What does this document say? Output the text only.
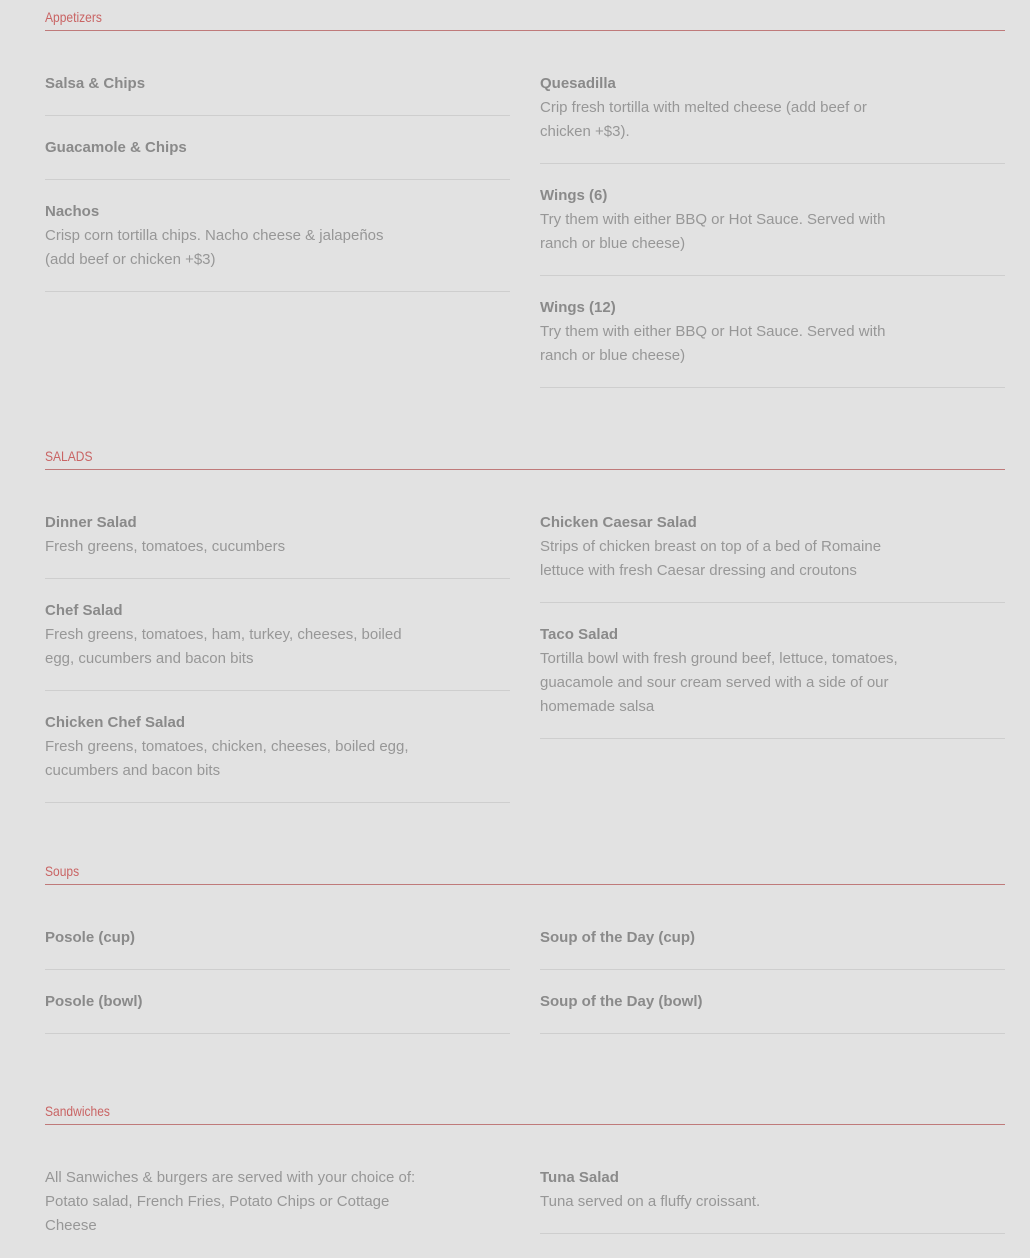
Appetizers
Salsa & Chips
Guacamole & Chips
Nachos
Crisp corn tortilla chips. Nacho cheese & jalapeños (add beef or chicken +$3)
Quesadilla
Crip fresh tortilla with melted cheese (add beef or chicken +$3).
Wings (6)
Try them with either BBQ or Hot Sauce. Served with ranch or blue cheese)
Wings (12)
Try them with either BBQ or Hot Sauce. Served with ranch or blue cheese)
SALADS
Dinner Salad
Fresh greens, tomatoes, cucumbers
Chef Salad
Fresh greens, tomatoes, ham, turkey, cheeses, boiled egg, cucumbers and bacon bits
Chicken Chef Salad
Fresh greens, tomatoes, chicken, cheeses, boiled egg, cucumbers and bacon bits
Chicken Caesar Salad
Strips of chicken breast on top of a bed of Romaine lettuce with fresh Caesar dressing and croutons
Taco Salad
Tortilla bowl with fresh ground beef, lettuce, tomatoes, guacamole and sour cream served with a side of our homemade salsa
Soups
Posole (cup)
Posole (bowl)
Soup of the Day (cup)
Soup of the Day (bowl)
Sandwiches
All Sanwiches & burgers are served with your choice of:
Potato salad, French Fries, Potato Chips or Cottage Cheese
Tuna Salad
Tuna served on a fluffy croissant.
